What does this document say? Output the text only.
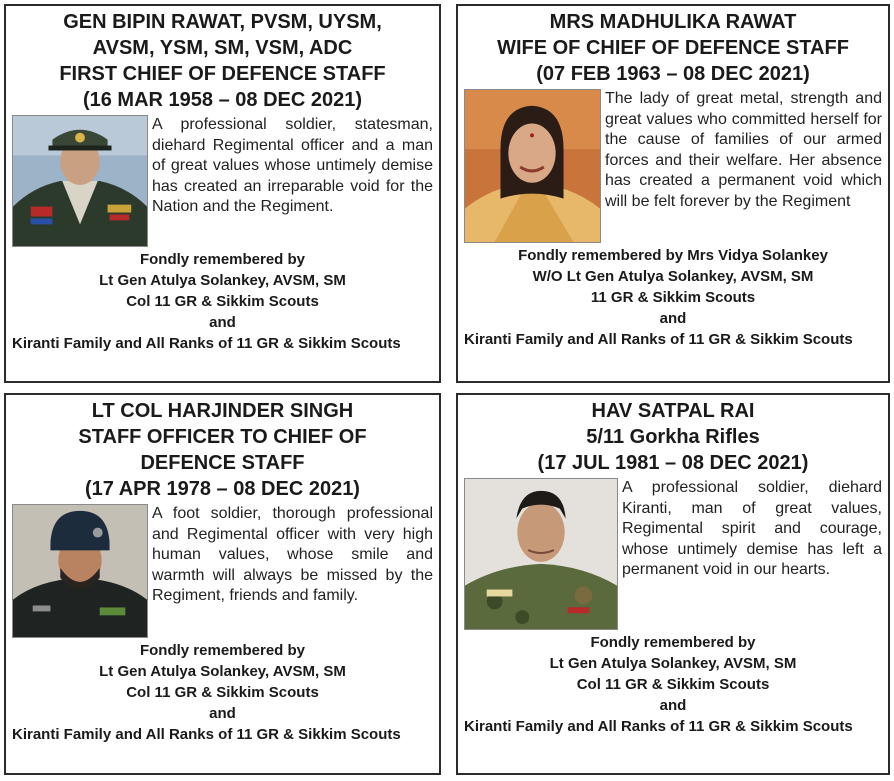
GEN BIPIN RAWAT, PVSM, UYSM,
AVSM, YSM, SM, VSM, ADC
FIRST CHIEF OF DEFENCE STAFF
(16 MAR 1958 – 08 DEC 2021)
A professional soldier, statesman, diehard Regimental officer and a man of great values whose untimely demise has created an irreparable void for the Nation and the Regiment.
Fondly remembered by
Lt Gen Atulya Solankey, AVSM, SM
Col 11 GR & Sikkim Scouts
and
Kiranti Family and All Ranks of 11 GR & Sikkim Scouts
MRS MADHULIKA RAWAT
WIFE OF CHIEF OF DEFENCE STAFF
(07 FEB 1963 – 08 DEC 2021)
The lady of great metal, strength and great values who committed herself for the cause of families of our armed forces and their welfare. Her absence has created a permanent void which will be felt forever by the Regiment
Fondly remembered by Mrs Vidya Solankey
W/O Lt Gen Atulya Solankey, AVSM, SM
11 GR & Sikkim Scouts
and
Kiranti Family and All Ranks of 11 GR & Sikkim Scouts
LT COL HARJINDER SINGH
STAFF OFFICER TO CHIEF OF
DEFENCE STAFF
(17 APR 1978 – 08 DEC 2021)
A foot soldier, thorough professional and Regimental officer with very high human values, whose smile and warmth will always be missed by the Regiment, friends and family.
Fondly remembered by
Lt Gen Atulya Solankey, AVSM, SM
Col 11 GR & Sikkim Scouts
and
Kiranti Family and All Ranks of 11 GR & Sikkim Scouts
HAV SATPAL RAI
5/11 Gorkha Rifles
(17 JUL 1981 – 08 DEC 2021)
A professional soldier, diehard Kiranti, man of great values, Regimental spirit and courage, whose untimely demise has left a permanent void in our hearts.
Fondly remembered by
Lt Gen Atulya Solankey, AVSM, SM
Col 11 GR & Sikkim Scouts
and
Kiranti Family and All Ranks of 11 GR & Sikkim Scouts
